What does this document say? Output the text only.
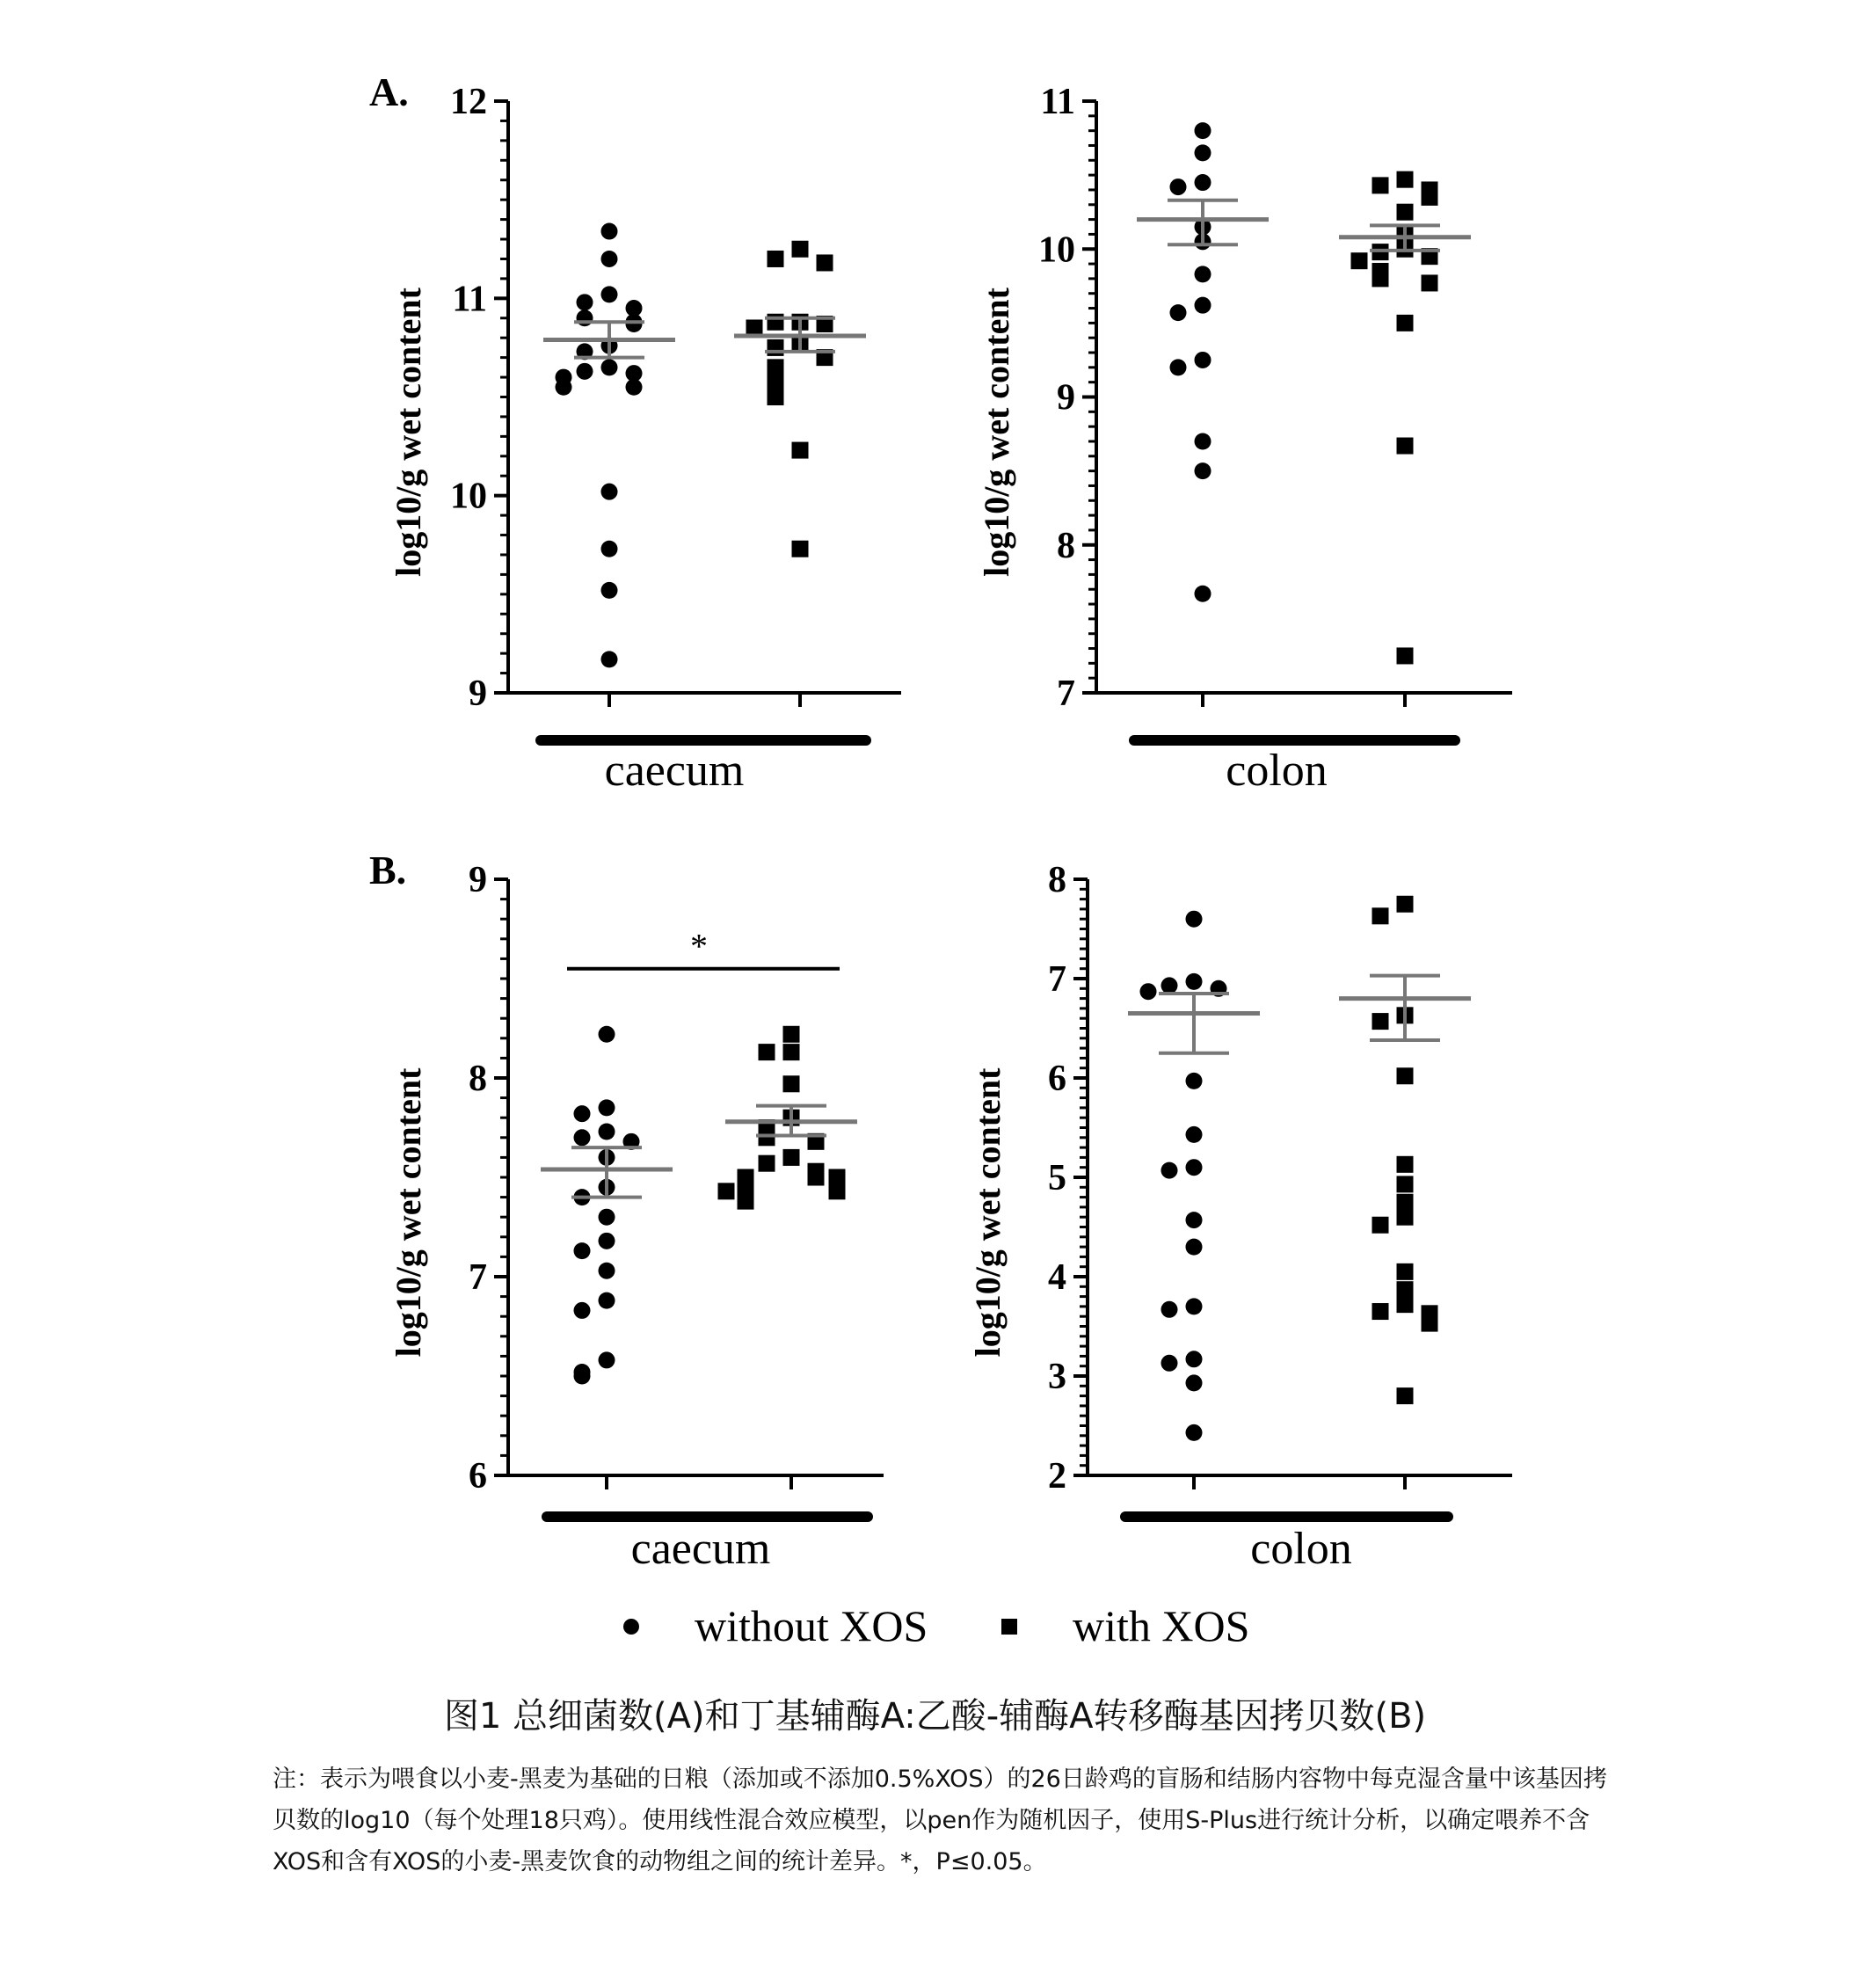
9
10
11
12
log10/g wet content
caecum
A.
7
8
9
10
11
log10/g wet content
colon
6
7
8
9
log10/g wet content
caecum
B.
*
2
3
4
5
6
7
8
log10/g wet content
colon
without XOS	with XOS
图1 总细菌数(A)和丁基辅酶A:乙酸-辅酶A转移酶基因拷贝数(B)
注：表示为喂食以小麦-黑麦为基础的日粮（添加或不添加0.5%XOS）的26日龄鸡的盲肠和结肠内容物中每克湿含量中该基因拷贝数的log10（每个处理18只鸡）。使用线性混合效应模型，以pen作为随机因子，使用S-Plus进行统计分析，以确定喂养不含XOS和含有XOS的小麦-黑麦饮食的动物组之间的统计差异。*，P≤0.05。
